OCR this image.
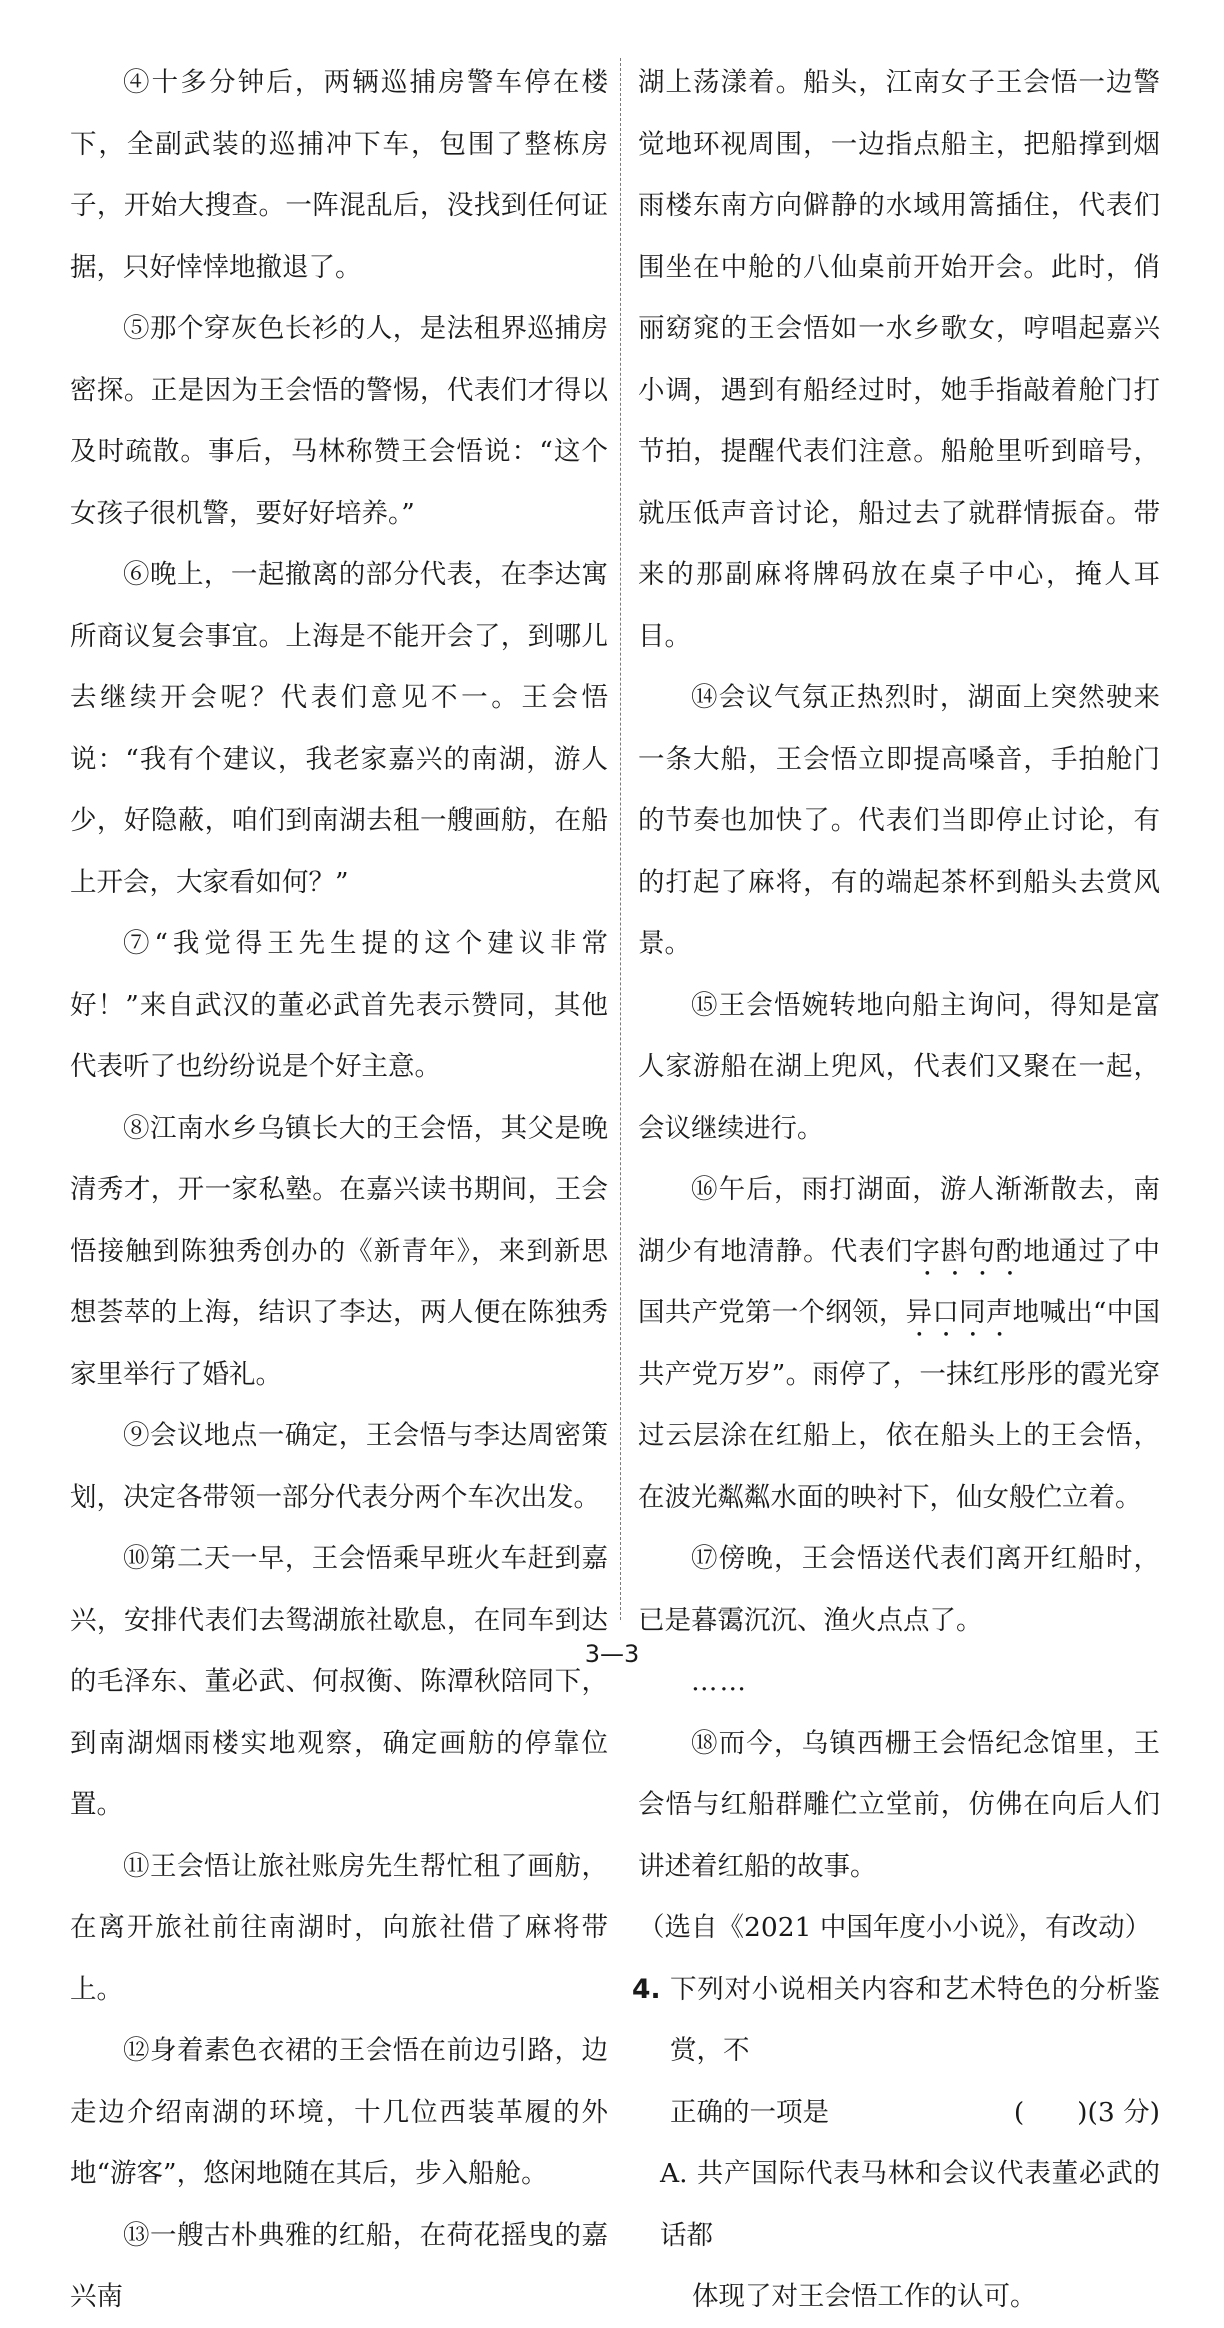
④十多分钟后，两辆巡捕房警车停在楼下，全副武装的巡捕冲下车，包围了整栋房子，开始大搜查。一阵混乱后，没找到任何证据，只好悻悻地撤退了。

⑤那个穿灰色长衫的人，是法租界巡捕房密探。正是因为王会悟的警惕，代表们才得以及时疏散。事后，马林称赞王会悟说：“这个女孩子很机警，要好好培养。”

⑥晚上，一起撤离的部分代表，在李达寓所商议复会事宜。上海是不能开会了，到哪儿去继续开会呢？代表们意见不一。王会悟说：“我有个建议，我老家嘉兴的南湖，游人少，好隐蔽，咱们到南湖去租一艘画舫，在船上开会，大家看如何？”

⑦“我觉得王先生提的这个建议非常好！”来自武汉的董必武首先表示赞同，其他代表听了也纷纷说是个好主意。

⑧江南水乡乌镇长大的王会悟，其父是晚清秀才，开一家私塾。在嘉兴读书期间，王会悟接触到陈独秀创办的《新青年》，来到新思想荟萃的上海，结识了李达，两人便在陈独秀家里举行了婚礼。

⑨会议地点一确定，王会悟与李达周密策划，决定各带领一部分代表分两个车次出发。

⑩第二天一早，王会悟乘早班火车赶到嘉兴，安排代表们去鸳湖旅社歇息，在同车到达的毛泽东、董必武、何叔衡、陈潭秋陪同下，到南湖烟雨楼实地观察，确定画舫的停靠位置。

⑪王会悟让旅社账房先生帮忙租了画舫，在离开旅社前往南湖时，向旅社借了麻将带上。

⑫身着素色衣裙的王会悟在前边引路，边走边介绍南湖的环境，十几位西装革履的外地“游客”，悠闲地随在其后，步入船舱。

⑬一艘古朴典雅的红船，在荷花摇曳的嘉兴南

湖上荡漾着。船头，江南女子王会悟一边警觉地环视周围，一边指点船主，把船撑到烟雨楼东南方向僻静的水域用篙插住，代表们围坐在中舱的八仙桌前开始开会。此时，俏丽窈窕的王会悟如一水乡歌女，哼唱起嘉兴小调，遇到有船经过时，她手指敲着舱门打节拍，提醒代表们注意。船舱里听到暗号，就压低声音讨论，船过去了就群情振奋。带来的那副麻将牌码放在桌子中心，掩人耳目。

⑭会议气氛正热烈时，湖面上突然驶来一条大船，王会悟立即提高嗓音，手拍舱门的节奏也加快了。代表们当即停止讨论，有的打起了麻将，有的端起茶杯到船头去赏风景。

⑮王会悟婉转地向船主询问，得知是富人家游船在湖上兜风，代表们又聚在一起，会议继续进行。

⑯午后，雨打湖面，游人渐渐散去，南湖少有地清静。代表们字斟句酌地通过了中国共产党第一个纲领，异口同声地喊出“中国共产党万岁”。雨停了，一抹红彤彤的霞光穿过云层涂在红船上，依在船头上的王会悟，在波光粼粼水面的映衬下，仙女般伫立着。

⑰傍晚，王会悟送代表们离开红船时，已是暮霭沉沉、渔火点点了。

……

⑱而今，乌镇西栅王会悟纪念馆里，王会悟与红船群雕伫立堂前，仿佛在向后人们讲述着红船的故事。

（选自《2021 中国年度小小说》，有改动）

4. 下列对小说相关内容和艺术特色的分析鉴赏，不

正确的一项是	(　　)(3 分)

A. 共产国际代表马林和会议代表董必武的话都

体现了对王会悟工作的认可。

3—3
